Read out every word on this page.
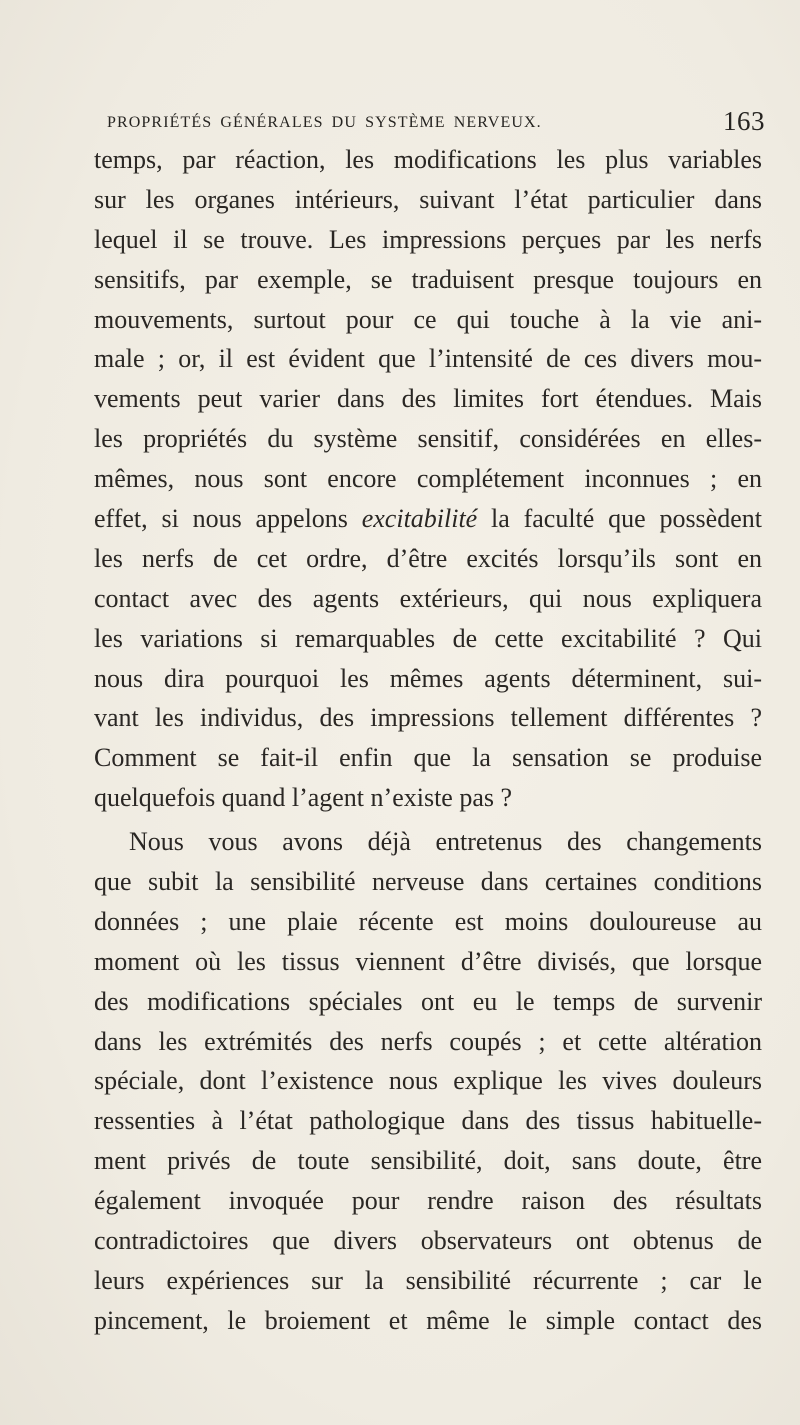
PROPRIÉTÉS GÉNÉRALES DU SYSTÈME NERVEUX.	163
temps, par réaction, les modifications les plus variables
sur les organes intérieurs, suivant l’état particulier dans
lequel il se trouve. Les impressions perçues par les nerfs
sensitifs, par exemple, se traduisent presque toujours en
mouvements, surtout pour ce qui touche à la vie ani-
male ; or, il est évident que l’intensité de ces divers mou-
vements peut varier dans des limites fort étendues. Mais
les propriétés du système sensitif, considérées en elles-
mêmes, nous sont encore complétement inconnues ; en
effet, si nous appelons excitabilité la faculté que possèdent
les nerfs de cet ordre, d’être excités lorsqu’ils sont en
contact avec des agents extérieurs, qui nous expliquera
les variations si remarquables de cette excitabilité ? Qui
nous dira pourquoi les mêmes agents déterminent, sui-
vant les individus, des impressions tellement différentes ?
Comment se fait-il enfin que la sensation se produise
quelquefois quand l’agent n’existe pas ?
Nous vous avons déjà entretenus des changements
que subit la sensibilité nerveuse dans certaines conditions
données ; une plaie récente est moins douloureuse au
moment où les tissus viennent d’être divisés, que lorsque
des modifications spéciales ont eu le temps de survenir
dans les extrémités des nerfs coupés ; et cette altération
spéciale, dont l’existence nous explique les vives douleurs
ressenties à l’état pathologique dans des tissus habituelle-
ment privés de toute sensibilité, doit, sans doute, être
également invoquée pour rendre raison des résultats
contradictoires que divers observateurs ont obtenus de
leurs expériences sur la sensibilité récurrente ; car le
pincement, le broiement et même le simple contact des
